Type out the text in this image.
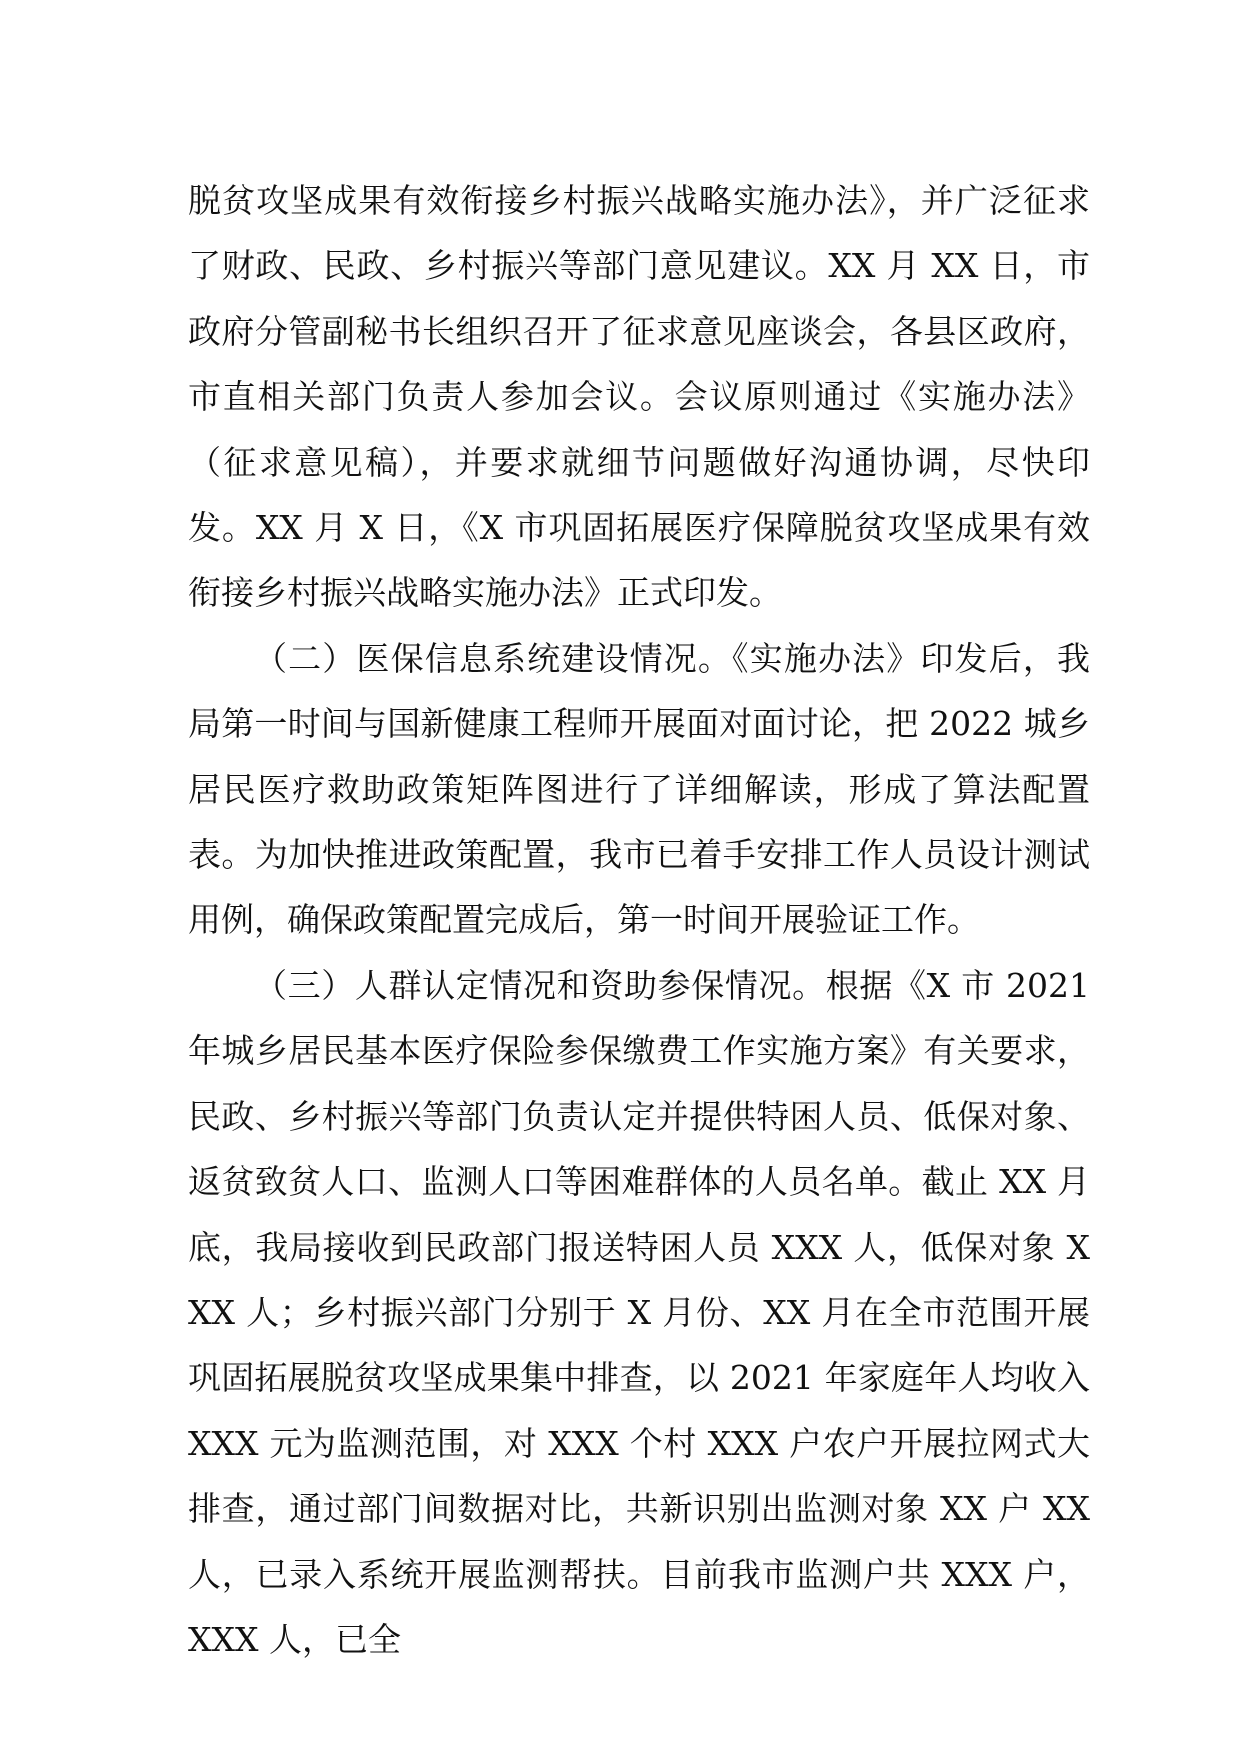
脱贫攻坚成果有效衔接乡村振兴战略实施办法》，并广泛征求了财政、民政、乡村振兴等部门意见建议。XX 月 XX 日，市政府分管副秘书长组织召开了征求意见座谈会，各县区政府，市直相关部门负责人参加会议。会议原则通过《实施办法》（征求意见稿），并要求就细节问题做好沟通协调，尽快印发。XX 月 X 日，《X 市巩固拓展医疗保障脱贫攻坚成果有效衔接乡村振兴战略实施办法》正式印发。

（二）医保信息系统建设情况。《实施办法》印发后，我局第一时间与国新健康工程师开展面对面讨论，把 2022 城乡居民医疗救助政策矩阵图进行了详细解读，形成了算法配置表。为加快推进政策配置，我市已着手安排工作人员设计测试用例，确保政策配置完成后，第一时间开展验证工作。

（三）人群认定情况和资助参保情况。根据《X 市 2021 年城乡居民基本医疗保险参保缴费工作实施方案》有关要求，民政、乡村振兴等部门负责认定并提供特困人员、低保对象、返贫致贫人口、监测人口等困难群体的人员名单。截止 XX 月底，我局接收到民政部门报送特困人员 XXX 人，低保对象 XXX 人；乡村振兴部门分别于 X 月份、XX 月在全市范围开展巩固拓展脱贫攻坚成果集中排查，以 2021 年家庭年人均收入 XXX 元为监测范围，对 XXX 个村 XXX 户农户开展拉网式大排查，通过部门间数据对比，共新识别出监测对象 XX 户 XX 人，已录入系统开展监测帮扶。目前我市监测户共 XXX 户，XXX 人，已全
